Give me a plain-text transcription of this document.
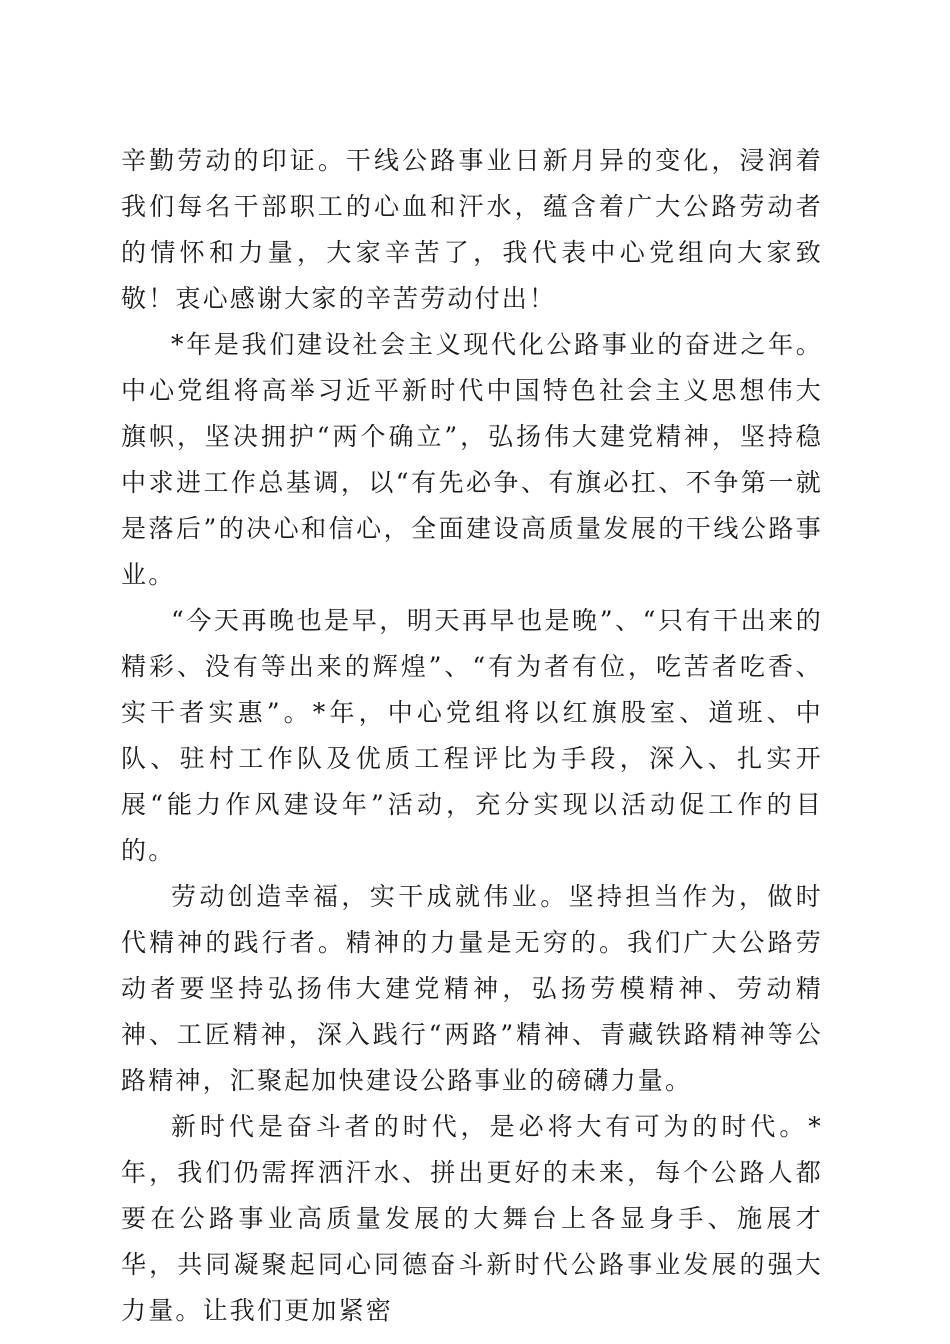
辛勤劳动的印证。干线公路事业日新月异的变化，浸润着我们每名干部职工的心血和汗水，蕴含着广大公路劳动者的情怀和力量，大家辛苦了，我代表中心党组向大家致敬！衷心感谢大家的辛苦劳动付出！

*年是我们建设社会主义现代化公路事业的奋进之年。中心党组将高举习近平新时代中国特色社会主义思想伟大旗帜，坚决拥护“两个确立”，弘扬伟大建党精神，坚持稳中求进工作总基调，以“有先必争、有旗必扛、不争第一就是落后”的决心和信心，全面建设高质量发展的干线公路事业。

“今天再晚也是早，明天再早也是晚”、“只有干出来的精彩、没有等出来的辉煌”、“有为者有位，吃苦者吃香、实干者实惠”。*年，中心党组将以红旗股室、道班、中队、驻村工作队及优质工程评比为手段，深入、扎实开展“能力作风建设年”活动，充分实现以活动促工作的目的。

劳动创造幸福，实干成就伟业。坚持担当作为，做时代精神的践行者。精神的力量是无穷的。我们广大公路劳动者要坚持弘扬伟大建党精神，弘扬劳模精神、劳动精神、工匠精神，深入践行“两路”精神、青藏铁路精神等公路精神，汇聚起加快建设公路事业的磅礴力量。

新时代是奋斗者的时代，是必将大有可为的时代。*年，我们仍需挥洒汗水、拼出更好的未来，每个公路人都要在公路事业高质量发展的大舞台上各显身手、施展才华，共同凝聚起同心同德奋斗新时代公路事业发展的强大力量。让我们更加紧密
